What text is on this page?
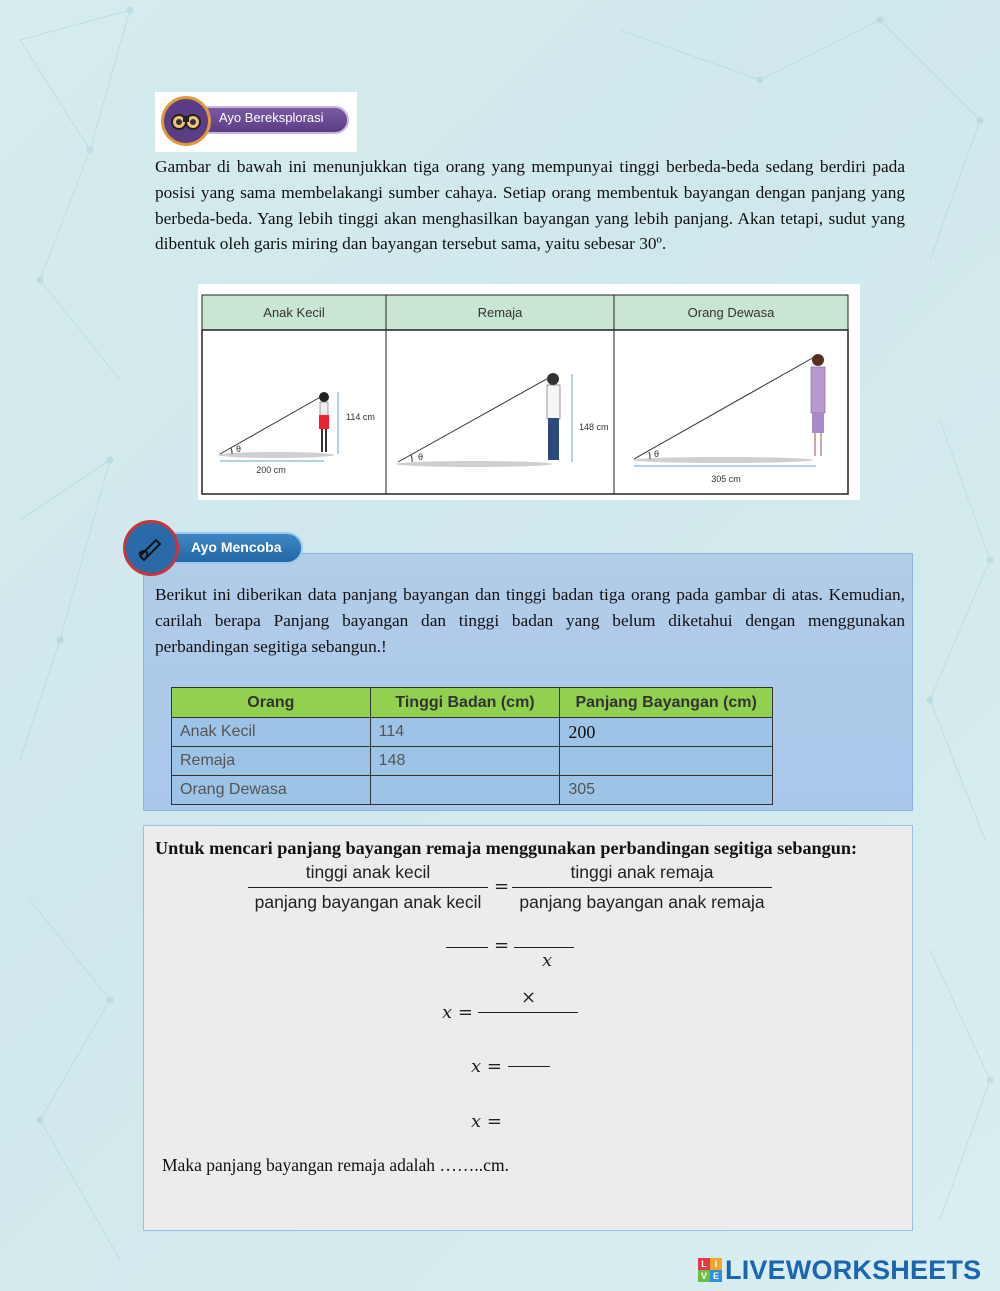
Ayo Bereksplorasi

Gambar di bawah ini menunjukkan tiga orang yang mempunyai tinggi berbeda-beda sedang berdiri pada posisi yang sama membelakangi sumber cahaya. Setiap orang membentuk bayangan dengan panjang yang berbeda-beda. Yang lebih tinggi akan menghasilkan bayangan yang lebih panjang. Akan tetapi, sudut yang dibentuk oleh garis miring dan bayangan tersebut sama, yaitu sebesar 30º.

Anak Kecil	Remaja	Orang Dewasa
θ
200 cm
114 cm
θ
148 cm
θ
305 cm
Ayo Mencoba

Berikut ini diberikan data panjang bayangan dan tinggi badan tiga orang pada gambar di atas. Kemudian, carilah berapa Panjang bayangan dan tinggi badan yang belum diketahui dengan menggunakan perbandingan segitiga sebangun.!

Orang	Tinggi Badan (cm)	Panjang Bayangan (cm)
Anak Kecil	114	200
Remaja	148	
Orang Dewasa		305
Untuk mencari panjang bayangan remaja menggunakan perbandingan segitiga sebangun:
tinggi anak kecil
panjang bayangan anak kecil
=
tinggi anak remaja
panjang bayangan anak remaja
=
x
x =
×
x =
x =

Maka panjang bayangan remaja adalah ……..cm.

L I
V E LIVEWORKSHEETS
